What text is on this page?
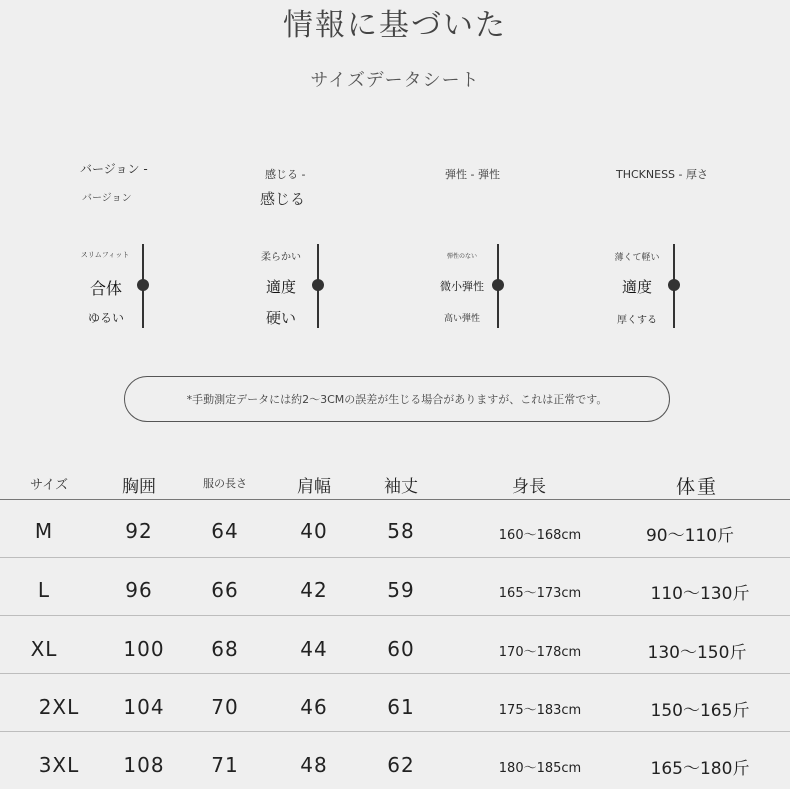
情報に基づいた
サイズデータシート
バージョン -
バージョン
感じる -
感じる
弾性 - 弾性	THCKNESS - 厚さ
スリムフィット
合体
ゆるい
柔らかい
適度
硬い
弾性のない
微小弾性
高い弾性
薄くて軽い
適度
厚くする
*手動測定データには約2〜3CMの誤差が生じる場合がありますが、これは正常です。
サイズ	胸囲	服の長さ	肩幅	袖丈	身長	体重
M	92	64	40	58	160〜168cm	90〜110斤
L	96	66	42	59	165〜173cm	110〜130斤
XL	100	68	44	60	170〜178cm	130〜150斤
2XL	104	70	46	61	175〜183cm	150〜165斤
3XL	108	71	48	62	180〜185cm	165〜180斤
